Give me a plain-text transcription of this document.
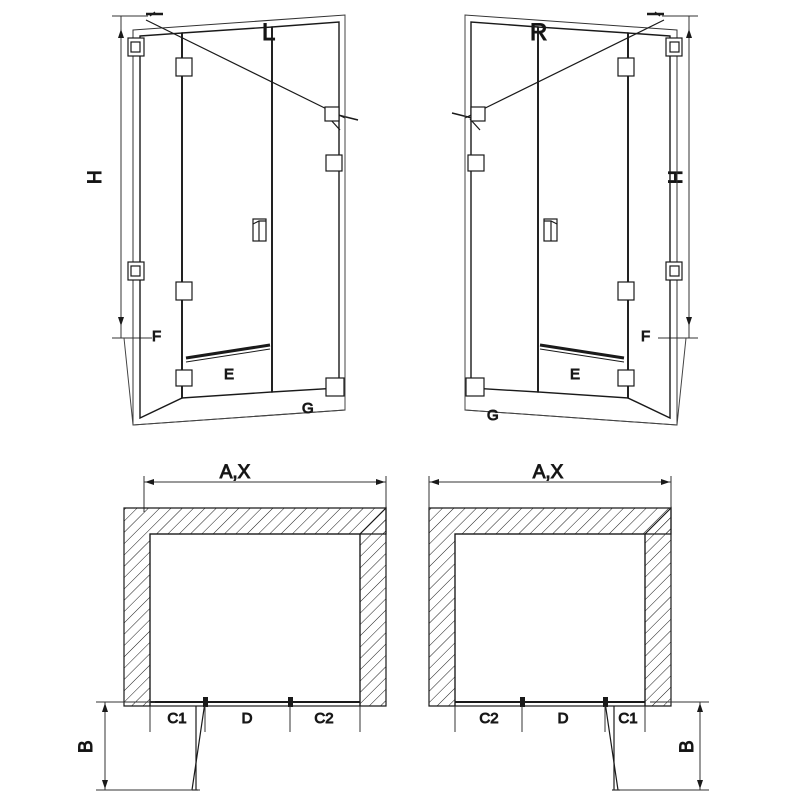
H
L
F
E
G
H
R
F
E
G
A,X
B
C1	D	C2
A,X
B
C2	D	C1
